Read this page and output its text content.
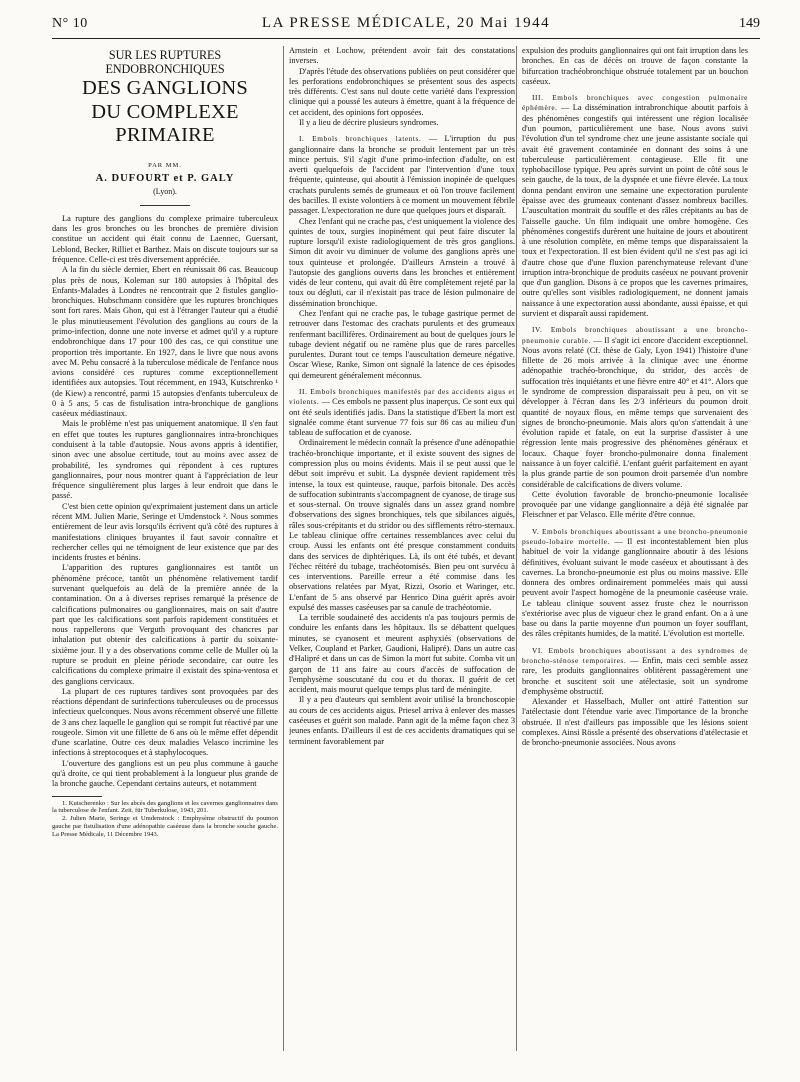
N° 10	LA PRESSE MÉDICALE, 20 Mai 1944	149
SUR LES RUPTURES ENDOBRONCHIQUES
DES GANGLIONS
DU COMPLEXE PRIMAIRE
PAR MM.
A. DUFOURT et P. GALY
(Lyon).

La rupture des ganglions du complexe primaire tuberculeux dans les gros bronches ou les bronches de première division constitue un accident qui était connu de Laennec, Guersant, Leblond, Becker, Rilliet et Barthez. Mais on discute toujours sur sa fréquence. Celle-ci est très diversement appréciée.

A la fin du siècle dernier, Ebert en réunissait 86 cas. Beaucoup plus près de nous, Koleman sur 180 autopsies à l'hôpital des Enfants-Malades à Londres ne rencontrait que 2 fistules ganglio-bronchiques. Hubschmann considère que les ruptures bronchiques sont fort rares. Mais Ghon, qui est à l'étranger l'auteur qui a étudié le plus minutieusement l'évolution des ganglions au cours de la primo-infection, donne une note inverse et admet qu'il y a rupture endobronchique dans 17 pour 100 des cas, ce qui constitue une proportion très importante. En 1927, dans le livre que nous avons avec M. Pehu consacré à la tuberculose médicale de l'enfance nous avions considéré ces ruptures comme exceptionnellement identifiées aux autopsies. Tout récemment, en 1943, Kutschrenko ¹ (de Kiew) a rencontré, parmi 15 autopsies d'enfants tuberculeux de 0 à 5 ans, 5 cas de fistulisation intra-bronchique de ganglions caséeux médiastinaux.

Mais le problème n'est pas uniquement anatomique. Il s'en faut en effet que toutes les ruptures ganglionnaires intra-bronchiques conduisent à la table d'autopsie. Nous avons appris à identifier, sinon avec une absolue certitude, tout au moins avec assez de probabilité, les syndromes qui répondent à ces ruptures ganglionnaires, pour nous montrer quant à l'appréciation de leur fréquence singulièrement plus larges à leur endroit que dans le passé.

C'est bien cette opinion qu'exprimaient justement dans un article récent MM. Julien Marie, Seringe et Umdenstock ². Nous sommes entièrement de leur avis lorsqu'ils écrivent qu'à côté des ruptures à manifestations cliniques bruyantes il faut savoir connaître et rechercher celles qui ne témoignent de leur existence que par des incidents frustes et bénins.

L'apparition des ruptures ganglionnaires est tantôt un phénomène précoce, tantôt un phénomène relativement tardif survenant quelquefois au delà de la première année de la contamination. On a à diverses reprises remarqué la présence de calcifications pulmonaires ou ganglionnaires, mais on sait d'autre part que les calcifications sont parfois rapidement constituées et nous rappellerons que Verguth provoquant des chancres par inhalation put obtenir des calcifications à partir du soixante-sixième jour. Il y a des observations comme celle de Muller où la rupture se produit en pleine période secondaire, car outre les calcifications du complexe primaire il existait des spina-ventosa et des ganglions cervicaux.

La plupart de ces ruptures tardives sont provoquées par des réactions dépendant de surinfections tuberculeuses ou de processus infectieux quelconques. Nous avons récemment observé une fillette de 3 ans chez laquelle le ganglion qui se rompit fut réactivé par une rougeole. Simon vit une fillette de 6 ans où le même effet dépendit d'une scarlatine. Outre ces deux maladies Velasco incrimine les infections à streptocoques et à staphylocoques.

L'ouverture des ganglions est un peu plus commune à gauche qu'à droite, ce qui tient probablement à la longueur plus grande de la bronche gauche. Cependant certains auteurs, et notamment

1. Kutscherenko : Sur les abcès des ganglions et les cavernes ganglionnaires dans la tuberculose de l'enfant. Zeit. für Tuberkulose, 1943, 201.

2. Julien Marie, Seringe et Umdenstock : Emphysème obstructif du poumon gauche par fistulisation d'une adénopathie caséeuse dans la bronche souche gauche. La Presse Médicale, 11 Décembre 1943.

Arnstein et Lochow, prétendent avoir fait des constatations inverses.

D'après l'étude des observations publiées on peut considérer que les perforations endobronchiques se présentent sous des aspects très différents. C'est sans nul doute cette variété dans l'expression clinique qui a poussé les auteurs à émettre, quant à la fréquence de cet accident, des opinions fort opposées.

Il y a lieu de décrire plusieurs syndromes.

I. Embols bronchiques latents. — L'irruption du pus ganglionnaire dans la bronche se produit lentement par un très mince pertuis. S'il s'agit d'une primo-infection d'adulte, on est averti quelquefois de l'accident par l'intervention d'une toux fréquente, quinteuse, qui aboutit à l'émission inopinée de quelques crachats purulents semés de grumeaux et où l'on trouve facilement des bacilles. Il existe volontiers à ce moment un mouvement fébrile passager. L'expectoration ne dure que quelques jours et disparaît.

Chez l'enfant qui ne crache pas, c'est uniquement la violence des quintes de toux, surgies inopinément qui peut faire discuter la rupture lorsqu'il existe radiologiquement de très gros ganglions. Simon dit avoir vu diminuer de volume des ganglions après une toux quinteuse et prolongée. D'ailleurs Arnstein a trouvé à l'autopsie des ganglions ouverts dans les bronches et entièrement vidés de leur contenu, qui avait dû être complètement rejeté par la toux ou dégluti, car il n'existait pas trace de lésion pulmonaire de dissémination bronchique.

Chez l'enfant qui ne crache pas, le tubage gastrique permet de retrouver dans l'estomac des crachats purulents et des grumeaux renfermant bacillifères. Ordinairement au bout de quelques jours le tubage devient négatif ou ne ramène plus que de rares parcelles purulentes. Durant tout ce temps l'auscultation demeure négative. Oscar Wiese, Ranke, Simon ont signalé la latence de ces épisodes qui demeurent généralement méconnus.

II. Embols bronchiques manifestés par des accidents aigus et violents. — Ces embols ne passent plus inaperçus. Ce sont eux qui ont été seuls identifiés jadis. Dans la statistique d'Ebert la mort est signalée comme étant survenue 77 fois sur 86 cas au milieu d'un tableau de suffocation et de cyanose.

Ordinairement le médecin connaît la présence d'une adénopathie trachéo-bronchique importante, et il existe souvent des signes de compression plus ou moins évidents. Mais il se peut aussi que le début soit imprévu et subit. La dyspnée devient rapidement très intense, la toux est quinteuse, rauque, parfois bitonale. Des accès de suffocation subintrants s'accompagnent de cyanose, de tirage sus et sous-sternal. On trouve signalés dans un assez grand nombre d'observations des signes bronchiques, tels que sibilances aiguës, râles sous-crépitants et du stridor ou des sifflements rétro-sternaux. Le tableau clinique offre certaines ressemblances avec celui du croup. Aussi les enfants ont été presque constamment conduits dans des services de diphtériques. Là, ils ont été tubés, et devant l'échec réitéré du tubage, trachéotomisés. Bien peu ont survécu à ces interventions. Pareille erreur a été commise dans les observations relatées par Myat, Rizzi, Osorio et Waringer, etc. L'enfant de 5 ans observé par Henrico Dina guérit après avoir expulsé des masses caséeuses par sa canule de trachéotomie.

La terrible soudaineté des accidents n'a pas toujours permis de conduire les enfants dans les hôpitaux. Ils se débattent quelques minutes, se cyanosent et meurent asphyxiés (observations de Velker, Coupland et Parker, Gaudioni, Halipré). Dans un autre cas d'Halipré et dans un cas de Simon la mort fut subite. Comba vit un garçon de 11 ans faire au cours d'accès de suffocation de l'emphysème souscutané du cou et du thorax. Il guérit de cet accident, mais mourut quelque temps plus tard de méningite.

Il y a peu d'auteurs qui semblent avoir utilisé la bronchoscopie au cours de ces accidents aigus. Priesel arriva à enlever des masses caséeuses et guérit son malade. Pann agit de la même façon chez 3 jeunes enfants. D'ailleurs il est de ces accidents dramatiques qui se terminent favorablement par

expulsion des produits ganglionnaires qui ont fait irruption dans les bronches. En cas de décès on trouve de façon constante la bifurcation trachéobronchique obstruée totalement par un bouchon caséeux.

III. Embols bronchiques avec congestion pulmonaire éphémère. — La dissémination intrabronchique aboutit parfois à des phénomènes congestifs qui intéressent une région localisée d'un poumon, particulièrement une base. Nous avons suivi l'évolution d'un tel syndrome chez une jeune assistante sociale qui avait été gravement contaminée en donnant des soins à une tuberculeuse particulièrement contagieuse. Elle fit une typhobacillose typique. Peu après survint un point de côté sous le sein gauche, de la toux, de la dyspnée et une fièvre élevée. La toux donna pendant environ une semaine une expectoration purulente épaisse avec des grumeaux contenant d'assez nombreux bacilles. L'auscultation montrait du souffle et des râles crépitants au bas de l'aisselle gauche. Un film indiquait une ombre homogène. Ces phénomènes congestifs durèrent une huitaine de jours et aboutirent à une résolution complète, en même temps que disparaissaient la toux et l'expectoration. Il est bien évident qu'il ne s'est pas agi ici d'autre chose que d'une fluxion parenchymateuse relevant d'une irruption intra-bronchique de produits caséeux ne pouvant provenir que d'un ganglion. Disons à ce propos que les cavernes primaires, outre qu'elles sont visibles radiologiquement, ne donnent jamais naissance à une expectoration aussi abondante, aussi épaisse, et qui survient et disparaît aussi rapidement.

IV. Embols bronchiques aboutissant a une broncho-pneumonie curable. — Il s'agit ici encore d'accident exceptionnel. Nous avons relaté (Cf. thèse de Galy, Lyon 1941) l'histoire d'une fillette de 26 mois arrivée à la clinique avec une énorme adénopathie trachéo-bronchique, du stridor, des accès de suffocation très inquiétants et une fièvre entre 40° et 41°. Alors que le syndrome de compression disparaissait peu à peu, on vit se développer à l'écran dans les 2/3 inférieurs du poumon droit quantité de noyaux flous, en même temps que survenaient des signes de broncho-pneumonie. Mais alors qu'on s'attendait à une évolution rapide et fatale, on eut la surprise d'assister à une régression lente mais progressive des phénomènes généraux et locaux. Chaque foyer broncho-pulmonaire donna finalement naissance à un foyer calcifié. L'enfant guérit parfaitement en ayant la plus grande partie de son poumon droit parsemée d'un nombre considérable de calcifications de divers volume.

Cette évolution favorable de broncho-pneumonie localisée provoquée par une vidange ganglionnaire a déjà été signalée par Fleischner et par Velasco. Elle mérite d'être connue.

V. Embols bronchiques aboutissant a une broncho-pneumonie pseudo-lobaire mortelle. — Il est incontestablement bien plus habituel de voir la vidange ganglionnaire aboutir à des lésions définitives, évoluant suivant le mode caséeux et aboutissant à des cavernes. La broncho-pneumonie est plus ou moins massive. Elle donnera des ombres ordinairement pommelées mais qui aussi peuvent avoir l'aspect homogène de la pneumonie caséeuse vraie. Le tableau clinique souvent assez fruste chez le nourrisson s'extériorise avec plus de vigueur chez le grand enfant. On a à une base ou dans la partie moyenne d'un poumon un foyer soufflant, des râles crépitants humides, de la matité. L'évolution est mortelle.

VI. Embols bronchiques aboutissant a des syndromes de broncho-sténose temporaires. — Enfin, mais ceci semble assez rare, les produits ganglionnaires oblitèrent passagèrement une bronche et suscitent soit une atélectasie, soit un syndrome d'emphysème obstructif.

Alexander et Hasselbach, Muller ont attiré l'attention sur l'atélectasie dont l'étendue varie avec l'importance de la bronche obstruée. Il n'est d'ailleurs pas impossible que les lésions soient complexes. Ainsi Rössle a présenté des observations d'atélectasie et de broncho-pneumonie associées. Nous avons
